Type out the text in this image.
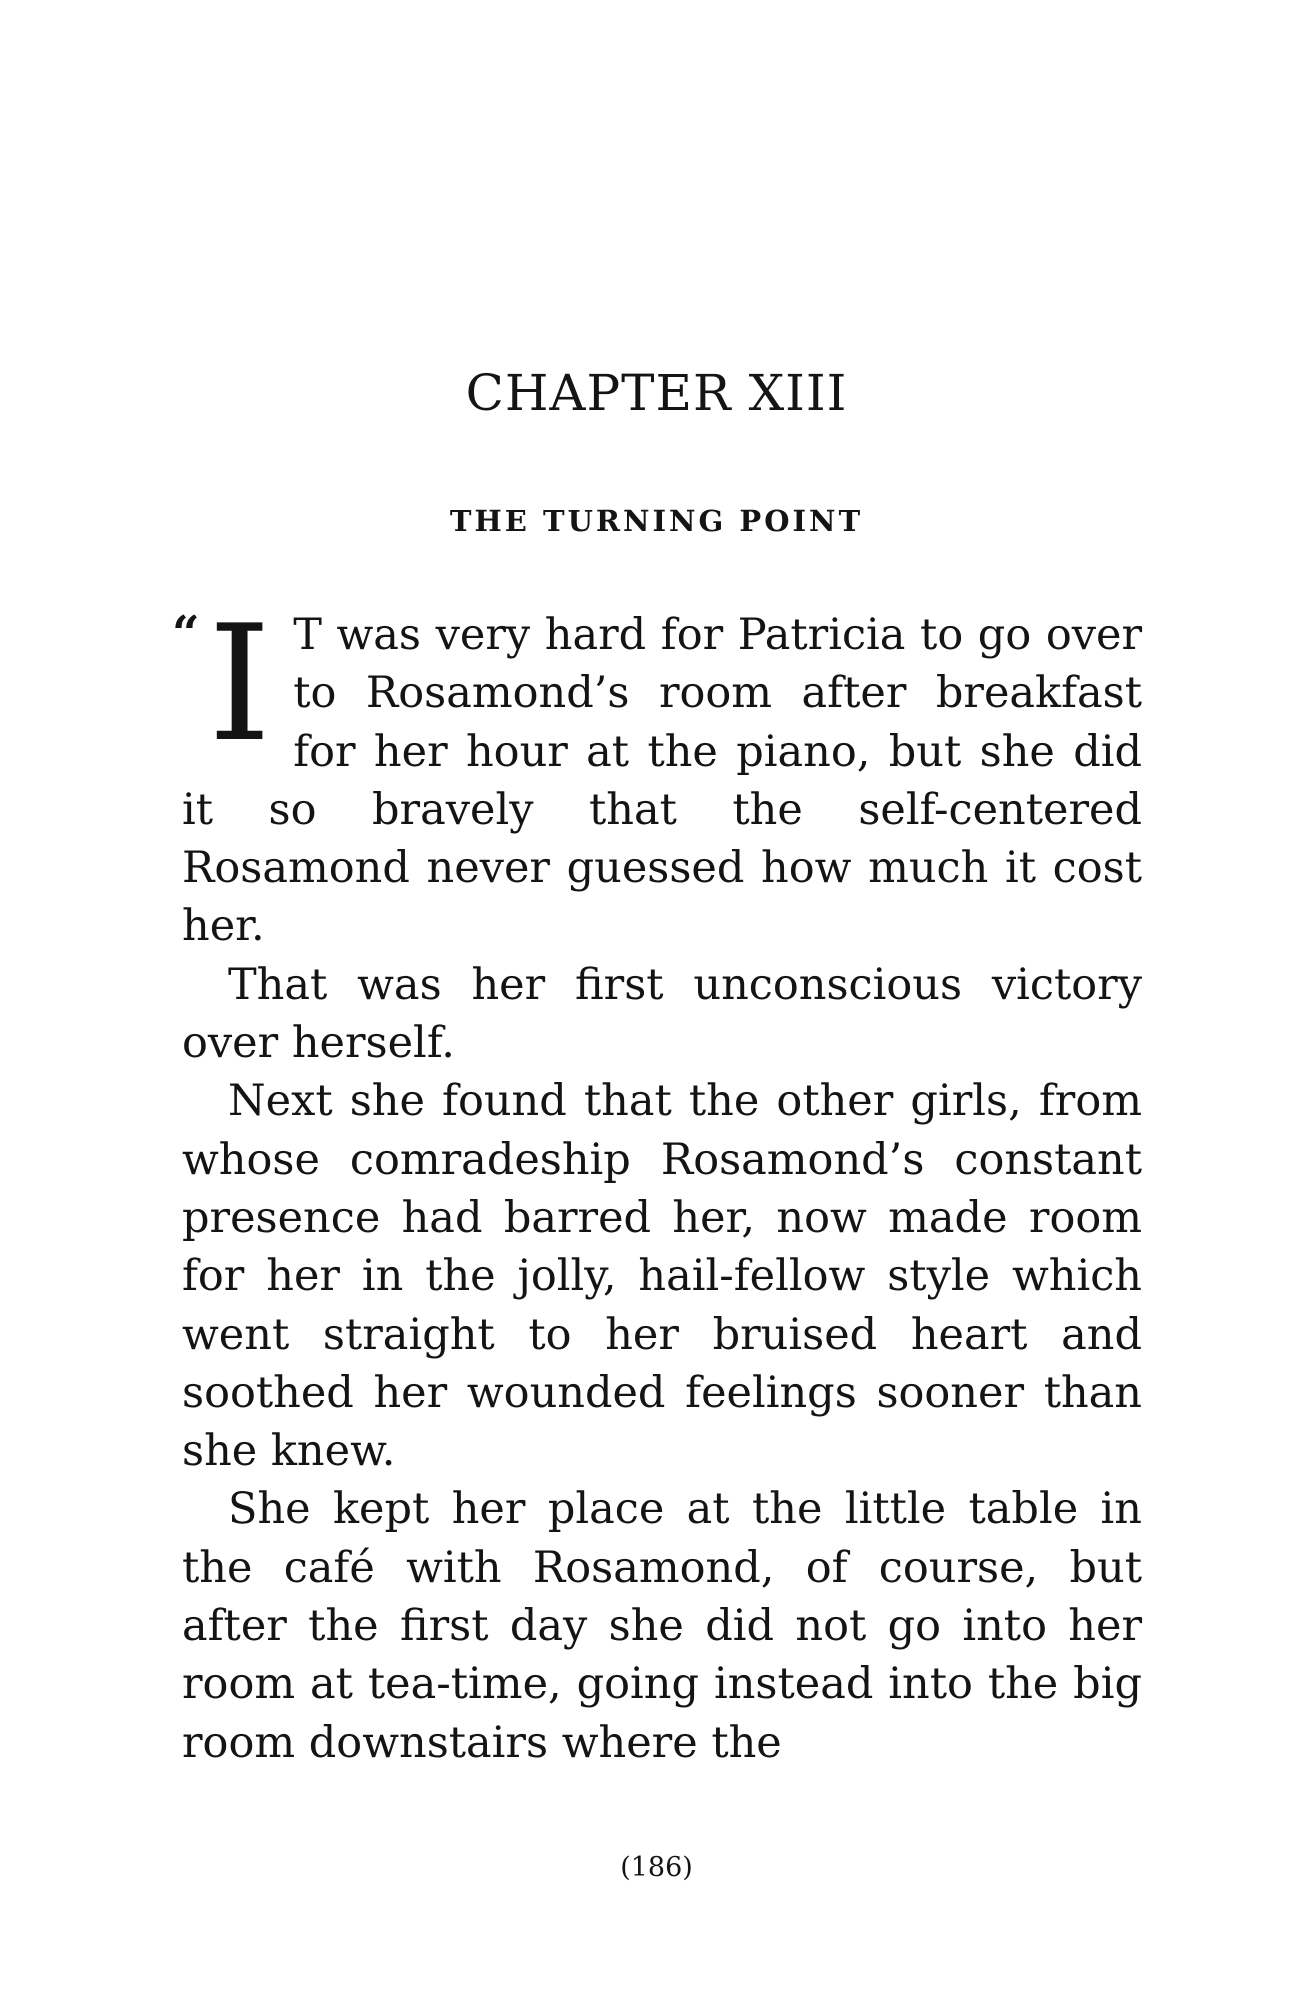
CHAPTER XIII
THE TURNING POINT

“ I T was very hard for Patricia to go over to Rosamond’s room after breakfast for her hour at the piano, but she did it so bravely that the self-centered Rosamond never guessed how much it cost her.

That was her first unconscious victory over herself.

Next she found that the other girls, from whose comradeship Rosamond’s constant presence had barred her, now made room for her in the jolly, hail-fellow style which went straight to her bruised heart and soothed her wounded feelings sooner than she knew.

She kept her place at the little table in the café with Rosamond, of course, but after the first day she did not go into her room at tea-time, going instead into the big room downstairs where the

(186)
